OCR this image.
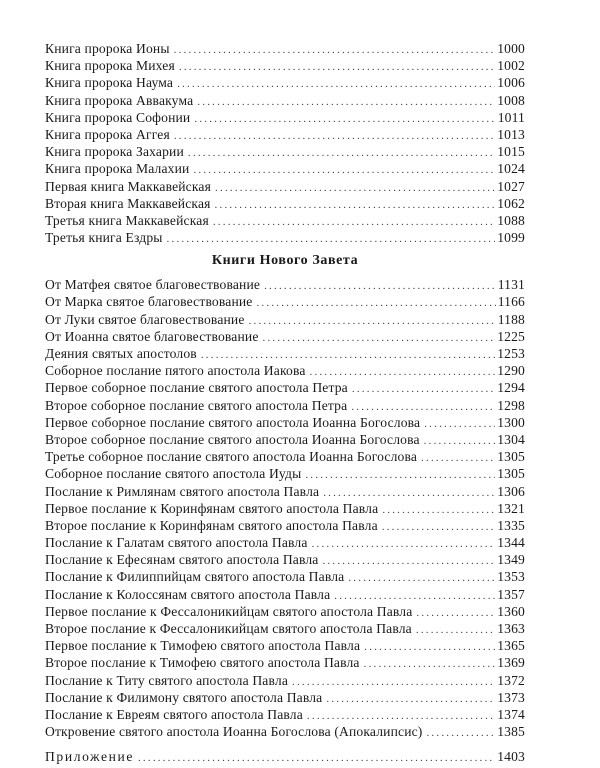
Книга пророка Ионы .....	1000
Книга пророка Михея .....	1002
Книга пророка Наума .....	1006
Книга пророка Аввакума .....	1008
Книга пророка Софонии .....	1011
Книга пророка Аггея .....	1013
Книга пророка Захарии .....	1015
Книга пророка Малахии .....	1024
Первая книга Маккавейская .....	1027
Вторая книга Маккавейская .....	1062
Третья книга Маккавейская .....	1088
Третья книга Ездры .....	1099
Книги Нового Завета
От Матфея святое благовествование .....	1131
От Марка святое благовествование .....	1166
От Луки святое благовествование .....	1188
От Иоанна святое благовествование .....	1225
Деяния святых апостолов .....	1253
Соборное послание пятого апостола Иакова .....	1290
Первое соборное послание святого апостола Петра .....	1294
Второе соборное послание святого апостола Петра .....	1298
Первое соборное послание святого апостола Иоанна Богослова .....	1300
Второе соборное послание святого апостола Иоанна Богослова .....	1304
Третье соборное послание святого апостола Иоанна Богослова .....	1305
Соборное послание святого апостола Иуды .....	1305
Послание к Римлянам святого апостола Павла .....	1306
Первое послание к Коринфянам святого апостола Павла .....	1321
Второе послание к Коринфянам святого апостола Павла .....	1335
Послание к Галатам святого апостола Павла .....	1344
Послание к Ефесянам святого апостола Павла .....	1349
Послание к Филиппийцам святого апостола Павла .....	1353
Послание к Колоссянам святого апостола Павла .....	1357
Первое послание к Фессалоникийцам святого апостола Павла .....	1360
Второе послание к Фессалоникийцам святого апостола Павла .....	1363
Первое послание к Тимофею святого апостола Павла .....	1365
Второе послание к Тимофею святого апостола Павла .....	1369
Послание к Титу святого апостола Павла .....	1372
Послание к Филимону святого апостола Павла .....	1373
Послание к Евреям святого апостола Павла .....	1374
Откровение святого апостола Иоанна Богослова (Апокалипсис) .....	1385
Приложение .....	1403
